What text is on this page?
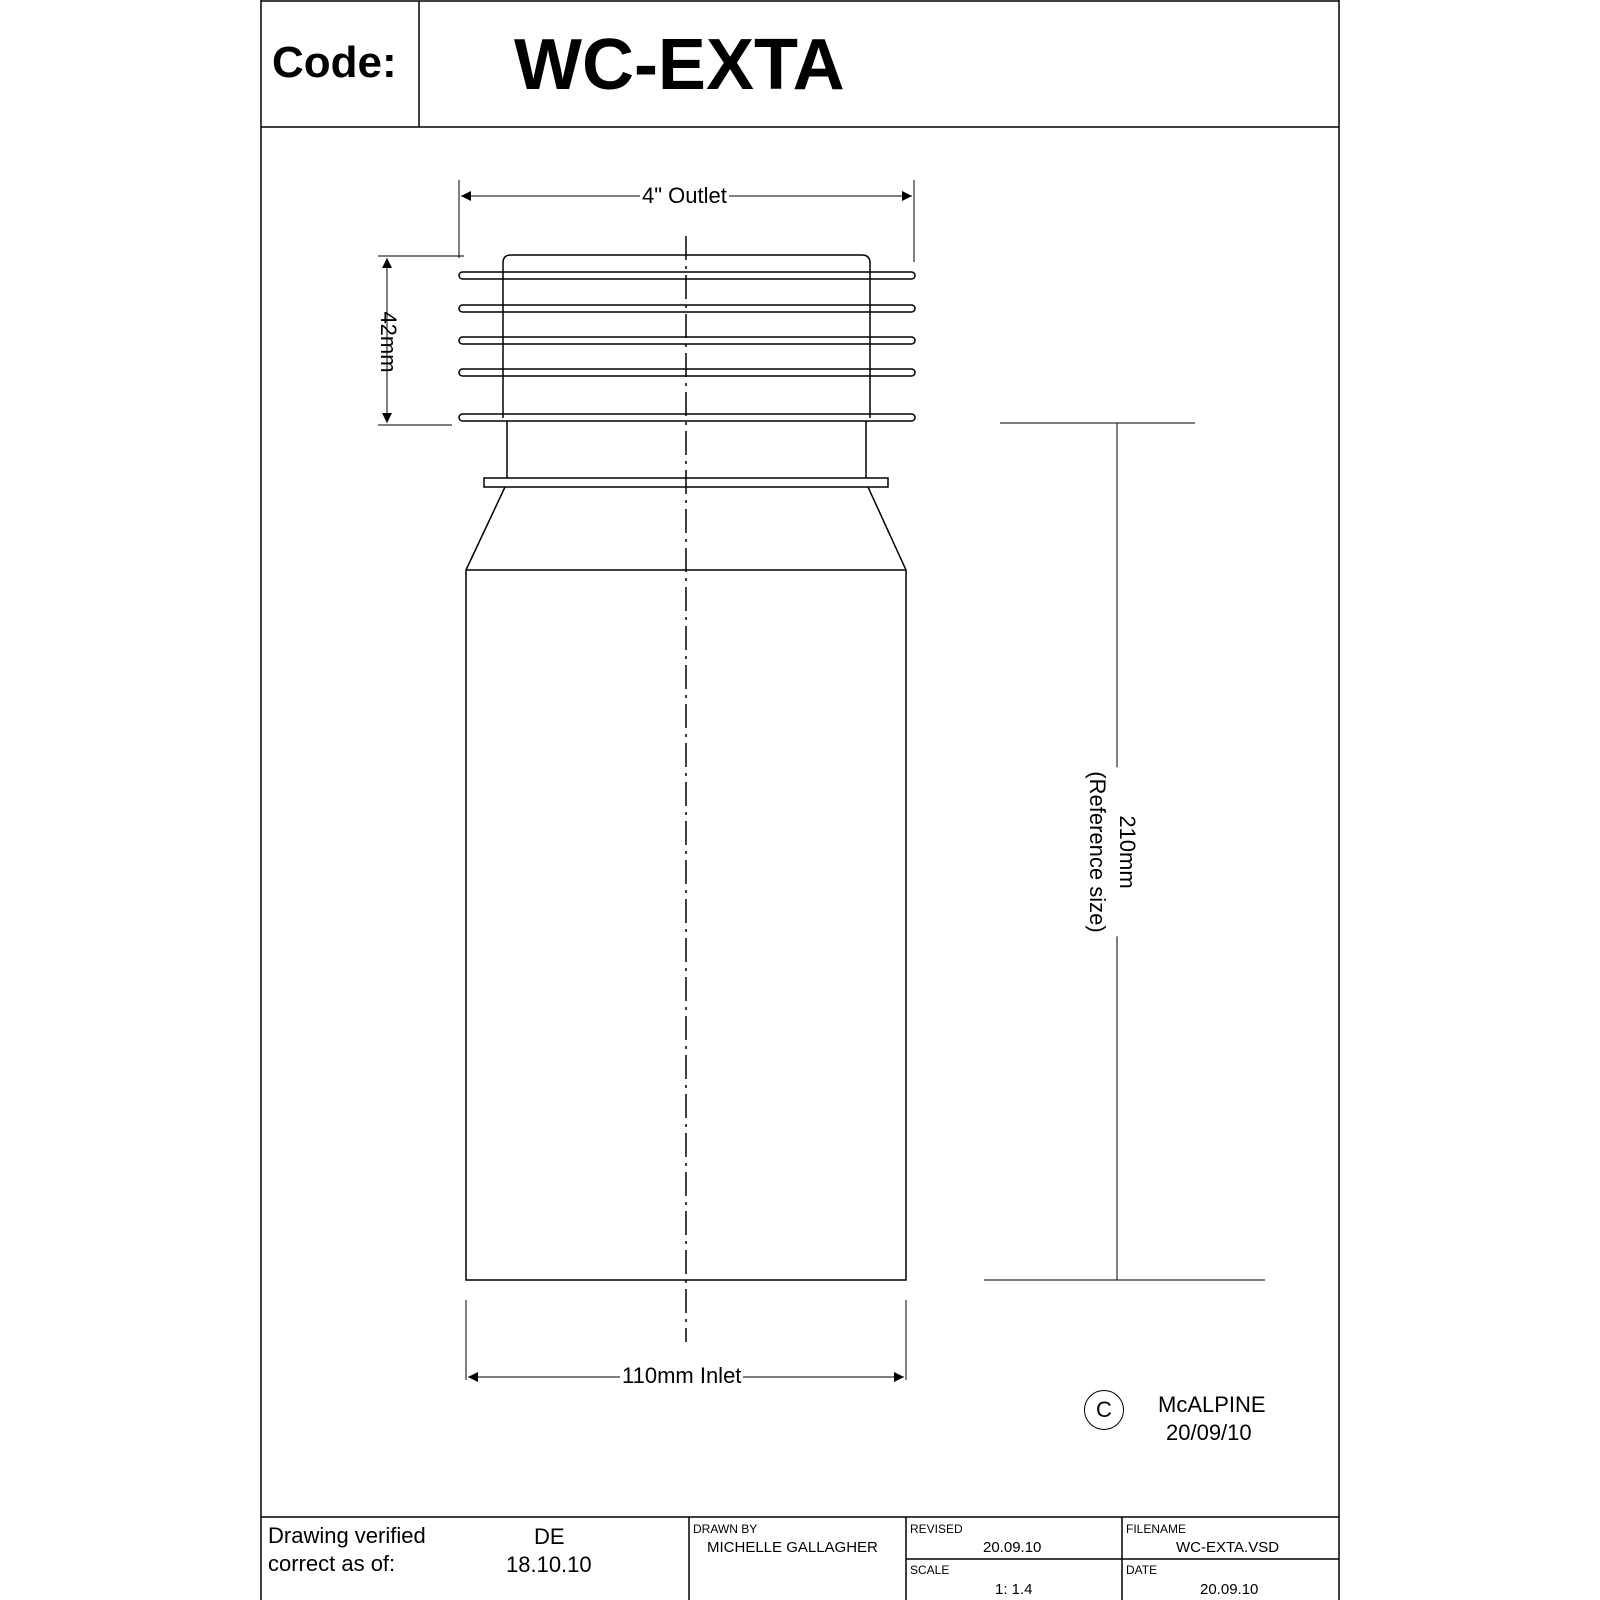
Code: WC-EXTA
4" Outlet
110mm Inlet
42mm
210mm
(Reference size)
C	McALPINE
20/09/10
Drawing verified correct as of:
DE
18.10.10
DRAWN BY
MICHELLE GALLAGHER
REVISED
20.09.10
SCALE
1: 1.4
FILENAME
WC-EXTA.VSD
DATE
20.09.10
